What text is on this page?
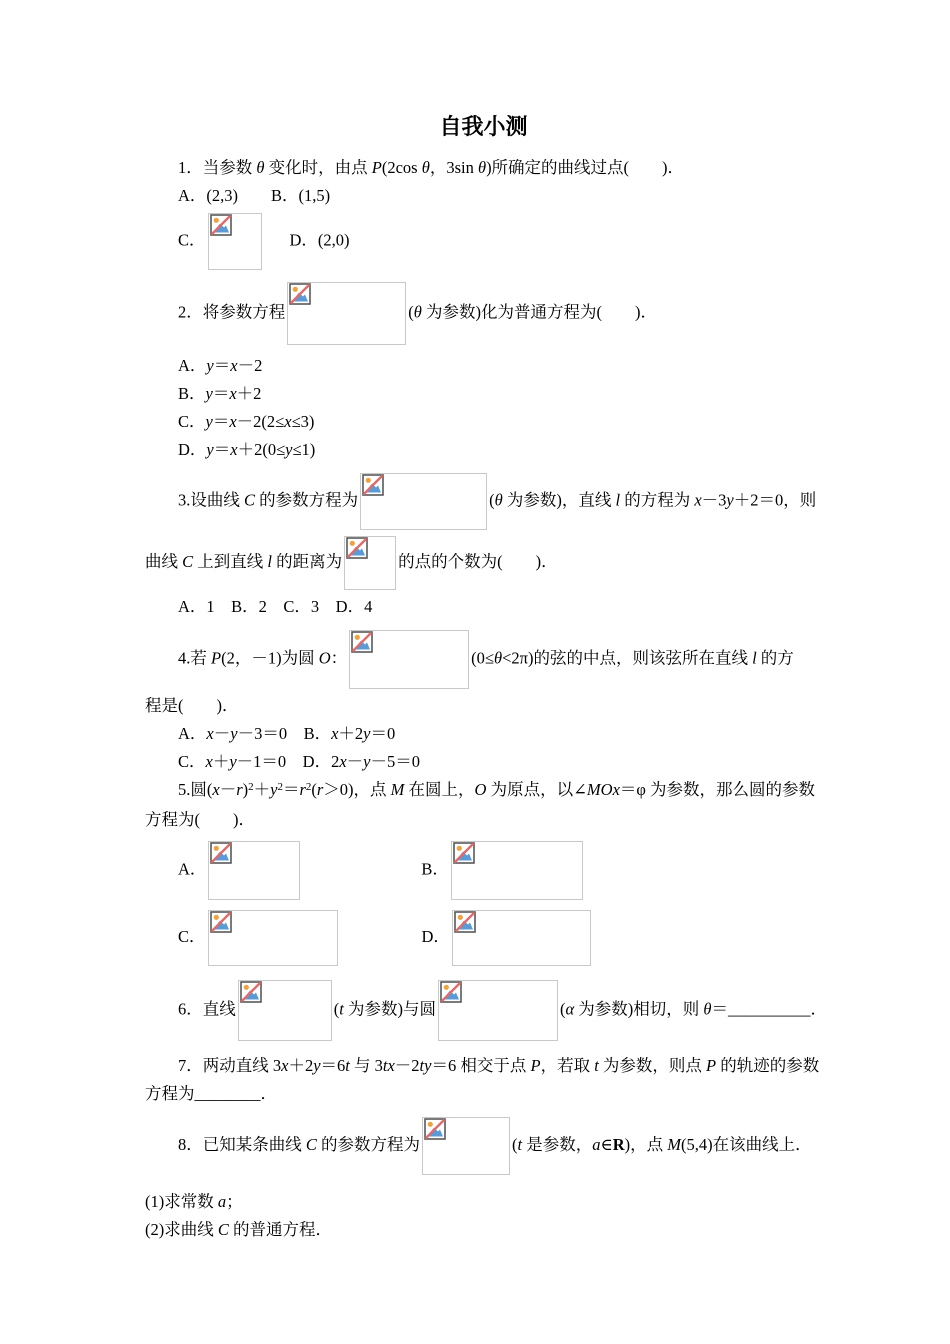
自我小测

1．当参数 θ 变化时，由点 P(2cos θ，3sin θ)所确定的曲线过点(　　)．

A．(2,3)　　B．(1,5)

C．	D．(2,0)

2．将参数方程	(θ 为参数)化为普通方程为(　　)．

A．y＝x－2

B．y＝x＋2

C．y＝x－2(2≤x≤3)

D．y＝x＋2(0≤y≤1)

3.设曲线 C 的参数方程为	(θ 为参数)，直线 l 的方程为 x－3y＋2＝0，则

曲线 C 上到直线 l 的距离为	的点的个数为(　　)．

A．1　B．2　C．3　D．4

4.若 P(2，－1)为圆 O：	(0≤θ<2π)的弦的中点，则该弦所在直线 l 的方

程是(　　)．

A．x－y－3＝0　B．x＋2y＝0

C．x＋y－1＝0　D．2x－y－5＝0

5.圆$(x-r)^2+y^2=r^2(r>0)$，点 M 在圆上，O 为原点，以∠MOx＝φ 为参数，那么圆的参数

方程为(　　)．

A．	B．

C．	D．

6．直线	(t 为参数)与圆	(α 为参数)相切，则 θ＝__________．

7．两动直线 3x＋2y＝6t 与 3tx－2ty＝6 相交于点 P，若取 t 为参数，则点 P 的轨迹的参数

方程为________．

8．已知某条曲线 C 的参数方程为	(t 是参数，a∈R)，点 M(5,4)在该曲线上．

(1)求常数 a；

(2)求曲线 C 的普通方程．
